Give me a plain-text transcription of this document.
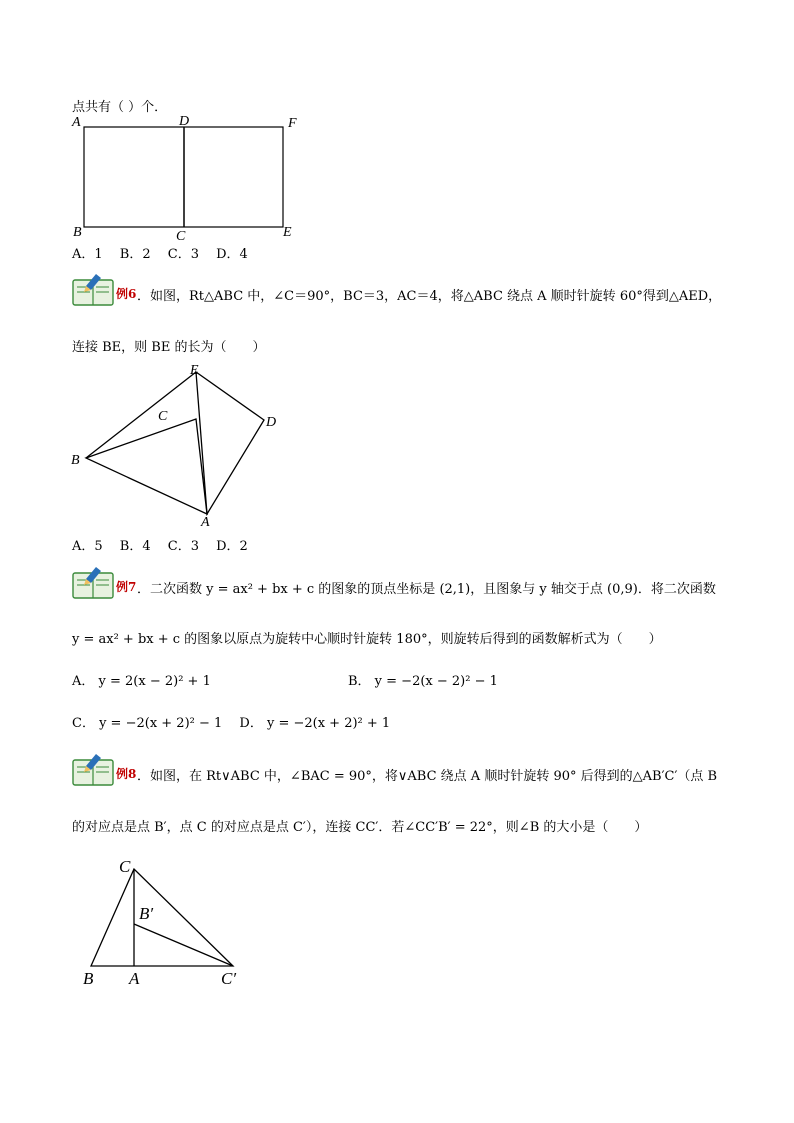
点共有（ ）个．
A	D	F
B	C	E
A．1　 B．2　 C．3　 D．4
例6 ．如图，Rt△ABC 中，∠C＝90°，BC＝3，AC＝4，将△ABC 绕点 A 顺时针旋转 60°得到△AED，
连接 BE，则 BE 的长为（　　）
E
C	D
B
A
A．5　 B．4　 C．3　 D．2
例7 ．二次函数 y = ax² + bx + c 的图象的顶点坐标是 (2,1)，且图象与 y 轴交于点 (0,9)．将二次函数
y = ax² + bx + c 的图象以原点为旋转中心顺时针旋转 180°，则旋转后得到的函数解析式为（　　）
A． y = 2(x − 2)² + 1	B． y = −2(x − 2)² − 1
C． y = −2(x + 2)² − 1　 D． y = −2(x + 2)² + 1
例8 ．如图，在 Rt∨ABC 中，∠BAC = 90°，将∨ABC 绕点 A 顺时针旋转 90° 后得到的△AB′C′（点 B
的对应点是点 B′，点 C 的对应点是点 C′），连接 CC′．若∠CC′B′ = 22°，则∠B 的大小是（　　）
C
B′
B A	C′
